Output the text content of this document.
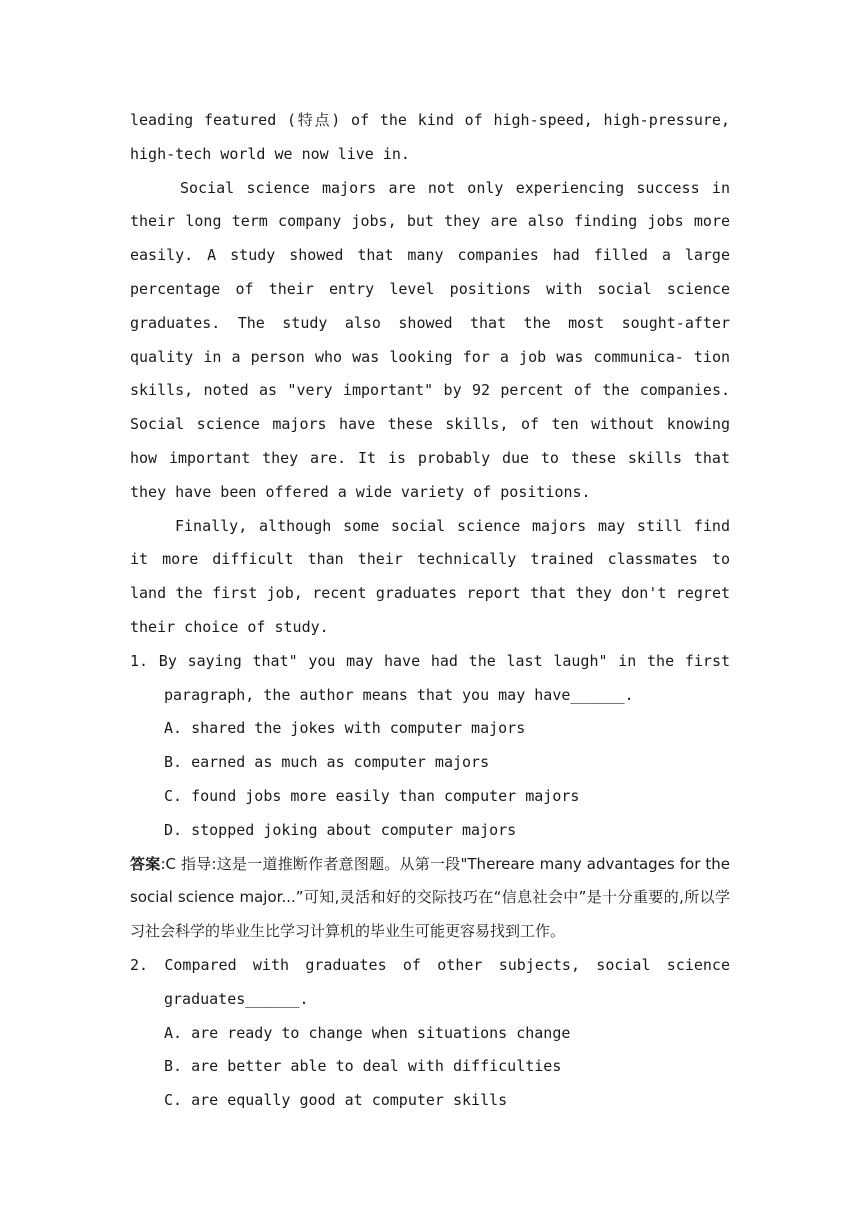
leading featured (特点) of the kind of high-speed, high-pressure, high-tech world we now live in.

Social science majors are not only experiencing success in their long term company jobs, but they are also finding jobs more easily. A study showed that many companies had filled a large percentage of their entry level positions with social science graduates. The study also showed that the most sought-after quality in a person who was looking for a job was communica- tion skills, noted as "very important" by 92 percent of the companies. Social science majors have these skills, of ten without knowing how important they are. It is probably due to these skills that they have been offered a wide variety of positions.

Finally, although some social science majors may still find it more difficult than their technically trained classmates to land the first job, recent graduates report that they don't regret their choice of study.

1. By saying that" you may have had the last laugh" in the first paragraph, the author means that you may have______.

A. shared the jokes with computer majors

B. earned as much as computer majors

C. found jobs more easily than computer majors

D. stopped joking about computer majors

答案:C 指导:这是一道推断作者意图题。从第一段"Thereare many advantages for the social science major...”可知,灵活和好的交际技巧在“信息社会中”是十分重要的,所以学习社会科学的毕业生比学习计算机的毕业生可能更容易找到工作。

2. Compared with graduates of other subjects, social science graduates______.

A. are ready to change when situations change

B. are better able to deal with difficulties

C. are equally good at computer skills
